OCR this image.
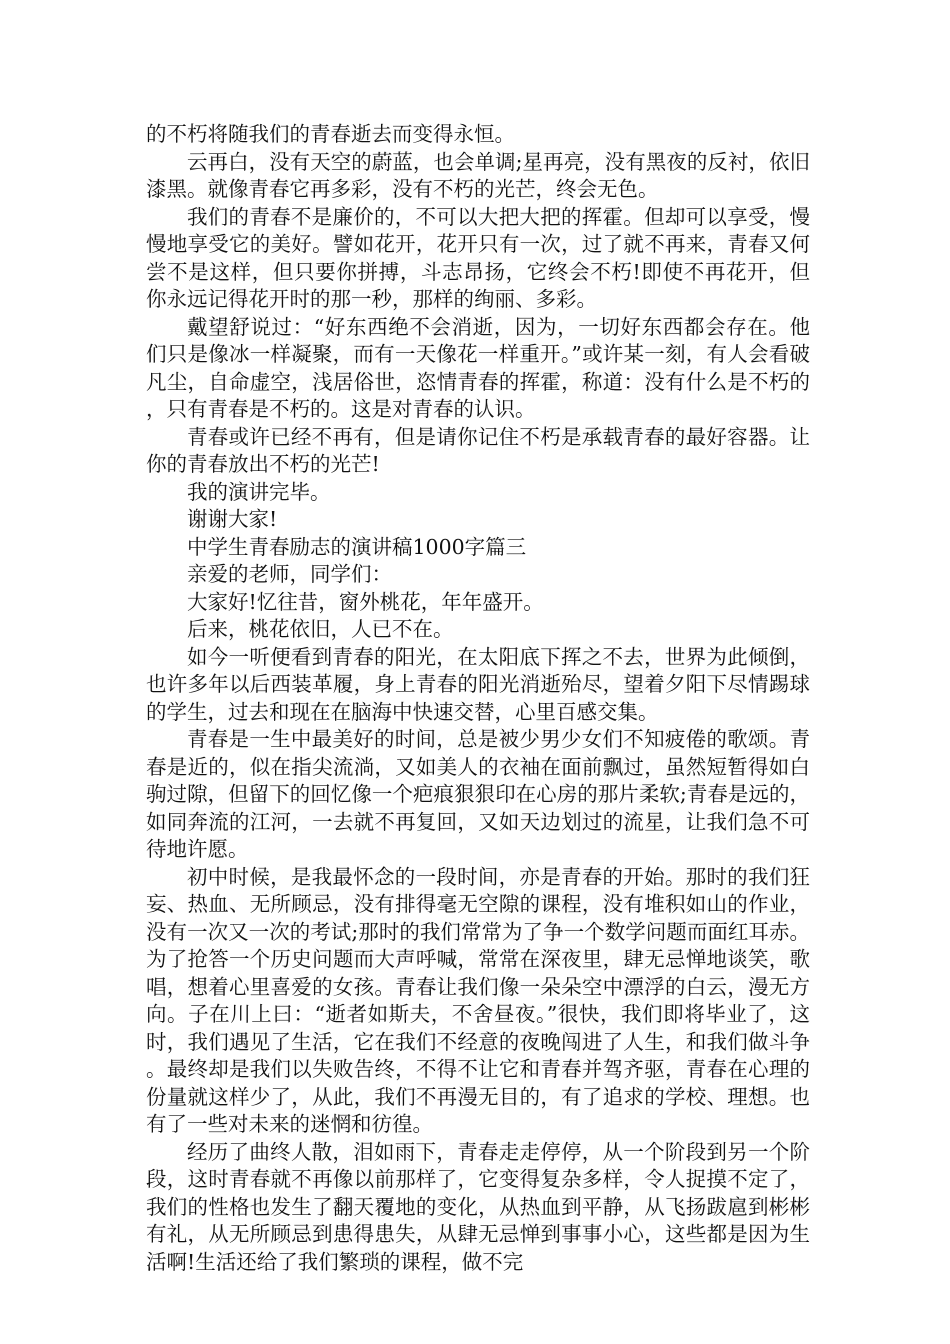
的不朽将随我们的青春逝去而变得永恒。

云再白，没有天空的蔚蓝，也会单调;星再亮，没有黑夜的反衬，依旧漆黑。就像青春它再多彩，没有不朽的光芒，终会无色。

我们的青春不是廉价的，不可以大把大把的挥霍。但却可以享受，慢慢地享受它的美好。譬如花开，花开只有一次，过了就不再来，青春又何尝不是这样，但只要你拼搏，斗志昂扬，它终会不朽!即使不再花开，但你永远记得花开时的那一秒，那样的绚丽、多彩。

戴望舒说过：“好东西绝不会消逝，因为，一切好东西都会存在。他们只是像冰一样凝聚，而有一天像花一样重开。”或许某一刻，有人会看破凡尘，自命虚空，浅居俗世，恣情青春的挥霍，称道：没有什么是不朽的，只有青春是不朽的。这是对青春的认识。

青春或许已经不再有，但是请你记住不朽是承载青春的最好容器。让你的青春放出不朽的光芒!

我的演讲完毕。

谢谢大家!

中学生青春励志的演讲稿1000字篇三

亲爱的老师，同学们：

大家好!忆往昔，窗外桃花，年年盛开。

后来，桃花依旧，人已不在。

如今一听便看到青春的阳光，在太阳底下挥之不去，世界为此倾倒，也许多年以后西装革履，身上青春的阳光消逝殆尽，望着夕阳下尽情踢球的学生，过去和现在在脑海中快速交替，心里百感交集。

青春是一生中最美好的时间，总是被少男少女们不知疲倦的歌颂。青春是近的，似在指尖流淌，又如美人的衣袖在面前飘过，虽然短暂得如白驹过隙，但留下的回忆像一个疤痕狠狠印在心房的那片柔软;青春是远的，如同奔流的江河，一去就不再复回，又如天边划过的流星，让我们急不可待地许愿。

初中时候，是我最怀念的一段时间，亦是青春的开始。那时的我们狂妄、热血、无所顾忌，没有排得毫无空隙的课程，没有堆积如山的作业，没有一次又一次的考试;那时的我们常常为了争一个数学问题而面红耳赤。为了抢答一个历史问题而大声呼喊，常常在深夜里，肆无忌惮地谈笑，歌唱，想着心里喜爱的女孩。青春让我们像一朵朵空中漂浮的白云，漫无方向。子在川上曰：“逝者如斯夫，不舍昼夜。”很快，我们即将毕业了，这时，我们遇见了生活，它在我们不经意的夜晚闯进了人生，和我们做斗争。最终却是我们以失败告终，不得不让它和青春并驾齐驱，青春在心理的份量就这样少了，从此，我们不再漫无目的，有了追求的学校、理想。也有了一些对未来的迷惘和彷徨。

经历了曲终人散，泪如雨下，青春走走停停，从一个阶段到另一个阶段，这时青春就不再像以前那样了，它变得复杂多样，令人捉摸不定了，我们的性格也发生了翻天覆地的变化，从热血到平静，从飞扬跋扈到彬彬有礼，从无所顾忌到患得患失，从肆无忌惮到事事小心，这些都是因为生活啊!生活还给了我们繁琐的课程，做不完
